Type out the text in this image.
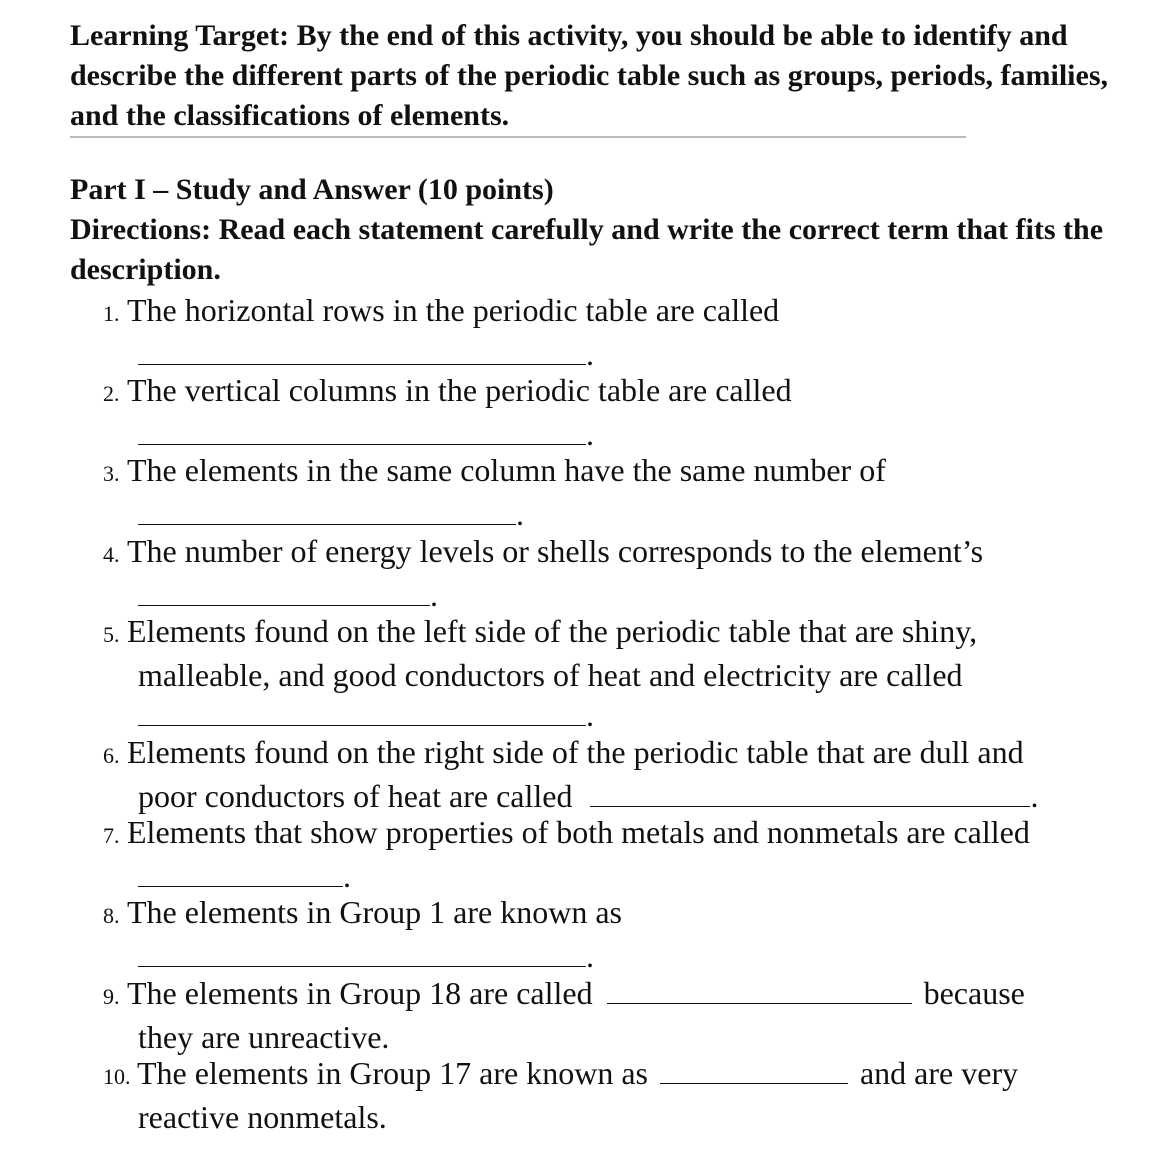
Learning Target: By the end of this activity, you should be able to identify and describe the different parts of the periodic table such as groups, periods, families, and the classifications of elements.

Part I – Study and Answer (10 points)

Directions: Read each statement carefully and write the correct term that fits the description.

1. The horizontal rows in the periodic table are called
.
2. The vertical columns in the periodic table are called
.
3. The elements in the same column have the same number of
.
4. The number of energy levels or shells corresponds to the element’s
.
5. Elements found on the left side of the periodic table that are shiny,
malleable, and good conductors of heat and electricity are called
.
6. Elements found on the right side of the periodic table that are dull and
poor conductors of heat are called	.
7. Elements that show properties of both metals and nonmetals are called
.
8. The elements in Group 1 are known as
.
9. The elements in Group 18 are called	because
they are unreactive.
10. The elements in Group 17 are known as	and are very
reactive nonmetals.
